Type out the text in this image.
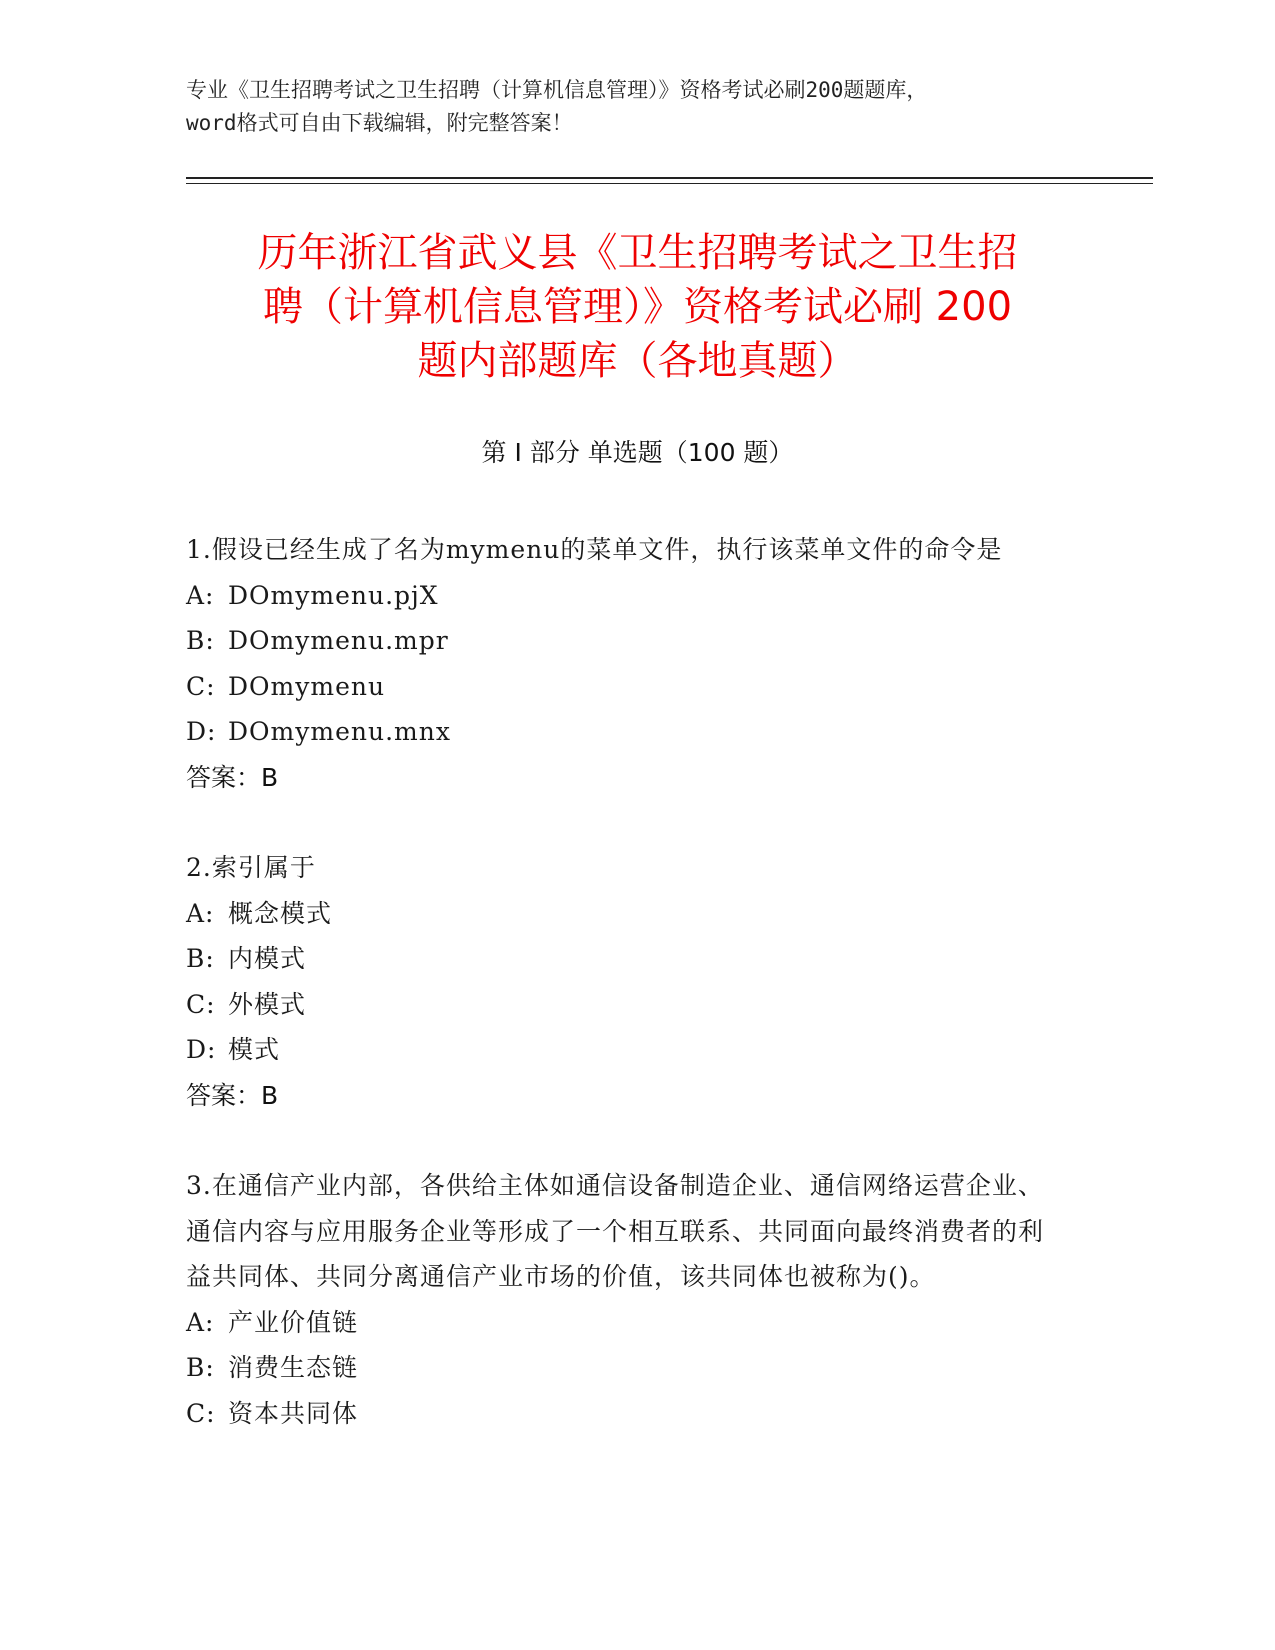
专业《卫生招聘考试之卫生招聘（计算机信息管理）》资格考试必刷200题题库，
word格式可自由下载编辑，附完整答案！
历年浙江省武义县《卫生招聘考试之卫生招
聘（计算机信息管理）》资格考试必刷 200
题内部题库（各地真题）
第 I 部分 单选题（100 题）
1.假设已经生成了名为mymenu的菜单文件，执行该菜单文件的命令是
A: DOmymenu.pjX
B: DOmymenu.mpr
C: DOmymenu
D: DOmymenu.mnx
答案：B
2.索引属于
A: 概念模式
B: 内模式
C: 外模式
D: 模式
答案：B
3.在通信产业内部，各供给主体如通信设备制造企业、通信网络运营企业、通信内容与应用服务企业等形成了一个相互联系、共同面向最终消费者的利益共同体、共同分离通信产业市场的价值，该共同体也被称为()。
A: 产业价值链
B: 消费生态链
C: 资本共同体
